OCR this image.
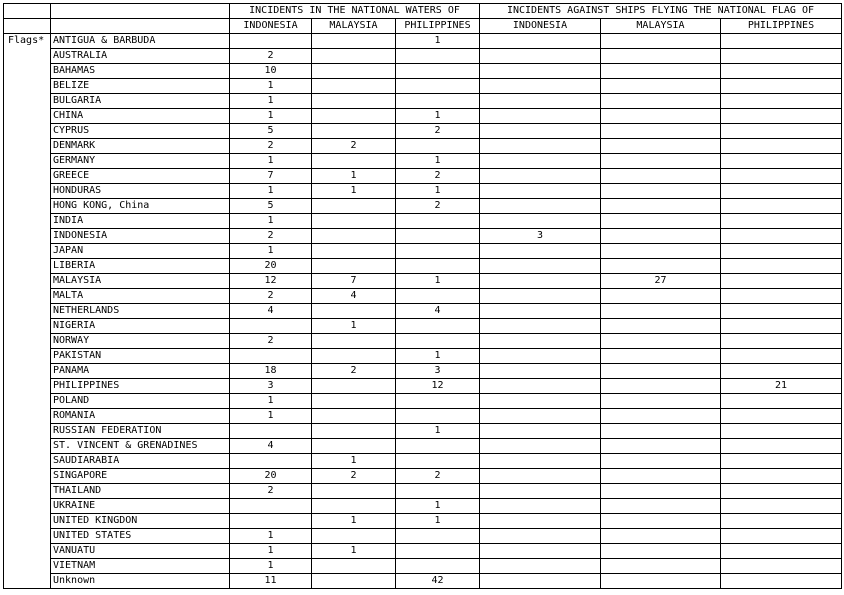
		INCIDENTS IN THE NATIONAL WATERS OF			INCIDENTS AGAINST SHIPS FLYING THE NATIONAL FLAG OF		
		INDONESIA	MALAYSIA	PHILIPPINES	INDONESIA	MALAYSIA	PHILIPPINES
Flags*	ANTIGUA & BARBUDA			1			
	AUSTRALIA	2					
	BAHAMAS	10					
	BELIZE	1					
	BULGARIA	1					
	CHINA	1		1			
	CYPRUS	5		2			
	DENMARK	2	2				
	GERMANY	1		1			
	GREECE	7	1	2			
	HONDURAS	1	1	1			
	HONG KONG, China	5		2			
	INDIA	1					
	INDONESIA	2			3		
	JAPAN	1					
	LIBERIA	20					
	MALAYSIA	12	7	1		27	
	MALTA	2	4				
	NETHERLANDS	4		4			
	NIGERIA		1				
	NORWAY	2					
	PAKISTAN			1			
	PANAMA	18	2	3			
	PHILIPPINES	3		12			21
	POLAND	1					
	ROMANIA	1					
	RUSSIAN FEDERATION			1			
	ST. VINCENT & GRENADINES	4					
	SAUDIARABIA		1				
	SINGAPORE	20	2	2			
	THAILAND	2					
	UKRAINE			1			
	UNITED KINGDON		1	1			
	UNITED STATES	1					
	VANUATU	1	1				
	VIETNAM	1					
	Unknown	11		42			
